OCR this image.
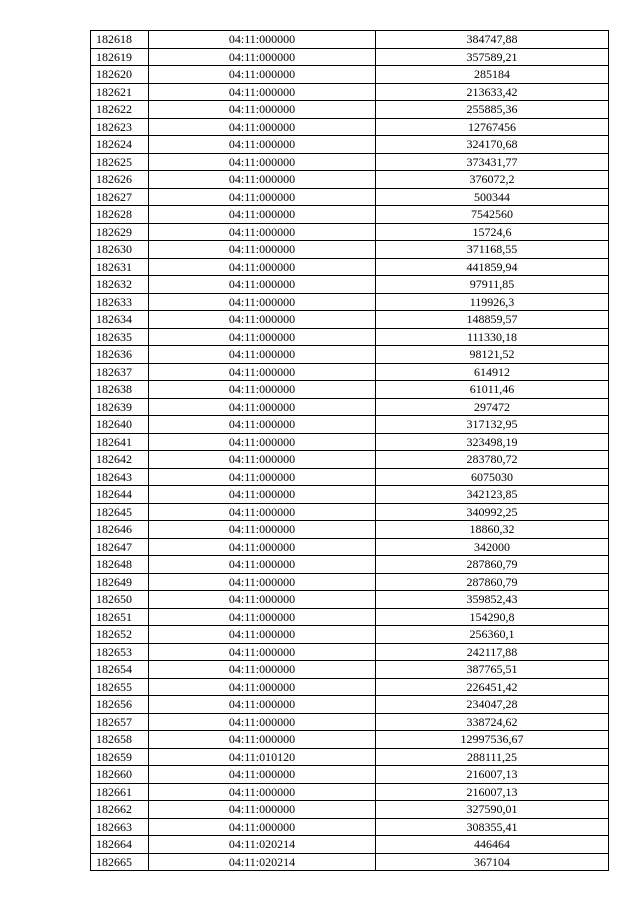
182618	04:11:000000	384747,88
182619	04:11:000000	357589,21
182620	04:11:000000	285184
182621	04:11:000000	213633,42
182622	04:11:000000	255885,36
182623	04:11:000000	12767456
182624	04:11:000000	324170,68
182625	04:11:000000	373431,77
182626	04:11:000000	376072,2
182627	04:11:000000	500344
182628	04:11:000000	7542560
182629	04:11:000000	15724,6
182630	04:11:000000	371168,55
182631	04:11:000000	441859,94
182632	04:11:000000	97911,85
182633	04:11:000000	119926,3
182634	04:11:000000	148859,57
182635	04:11:000000	111330,18
182636	04:11:000000	98121,52
182637	04:11:000000	614912
182638	04:11:000000	61011,46
182639	04:11:000000	297472
182640	04:11:000000	317132,95
182641	04:11:000000	323498,19
182642	04:11:000000	283780,72
182643	04:11:000000	6075030
182644	04:11:000000	342123,85
182645	04:11:000000	340992,25
182646	04:11:000000	18860,32
182647	04:11:000000	342000
182648	04:11:000000	287860,79
182649	04:11:000000	287860,79
182650	04:11:000000	359852,43
182651	04:11:000000	154290,8
182652	04:11:000000	256360,1
182653	04:11:000000	242117,88
182654	04:11:000000	387765,51
182655	04:11:000000	226451,42
182656	04:11:000000	234047,28
182657	04:11:000000	338724,62
182658	04:11:000000	12997536,67
182659	04:11:010120	288111,25
182660	04:11:000000	216007,13
182661	04:11:000000	216007,13
182662	04:11:000000	327590,01
182663	04:11:000000	308355,41
182664	04:11:020214	446464
182665	04:11:020214	367104
